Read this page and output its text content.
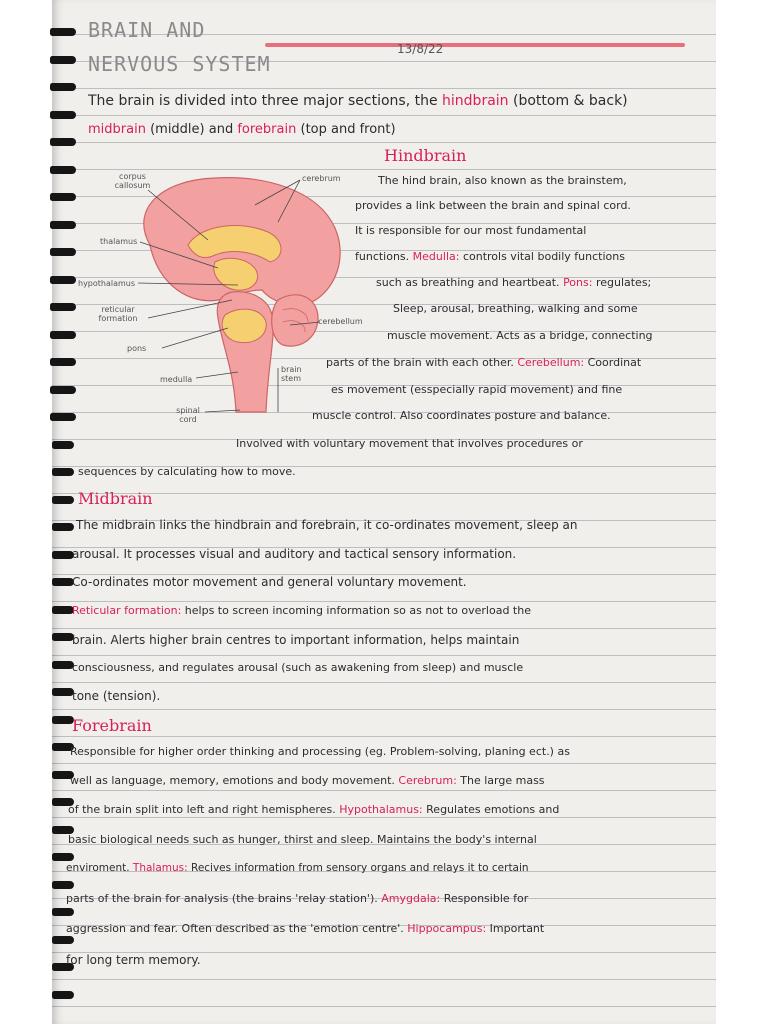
BRAIN AND
NERVOUS SYSTEM
13/8/22
The brain is divided into three major sections, the hindbrain (bottom & back)
midbrain (middle) and forebrain (top and front)
corpus callosum
thalamus
hypothalamus
reticular formation
pons
medulla
spinal cord
cerebrum
cerebellum
brain stem
Hindbrain
The hind brain, also known as the brainstem,
provides a link between the brain and spinal cord.
It is responsible for our most fundamental
functions. Medulla: controls vital bodily functions
such as breathing and heartbeat. Pons: regulates;
Sleep, arousal, breathing, walking and some
muscle movement. Acts as a bridge, connecting
parts of the brain with each other. Cerebellum: Coordinat
es movement (esspecially rapid movement) and fine
muscle control. Also coordinates posture and balance.
Involved with voluntary movement that involves procedures or
sequences by calculating how to move.
Midbrain
The midbrain links the hindbrain and forebrain, it co-ordinates movement, sleep an
arousal. It processes visual and auditory and tactical sensory information.
Co-ordinates motor movement and general voluntary movement.
Reticular formation: helps to screen incoming information so as not to overload the
brain. Alerts higher brain centres to important information, helps maintain
consciousness, and regulates arousal (such as awakening from sleep) and muscle
tone (tension).
Forebrain
Responsible for higher order thinking and processing (eg. Problem-solving, planing ect.) as
well as language, memory, emotions and body movement. Cerebrum: The large mass
of the brain split into left and right hemispheres. Hypothalamus: Regulates emotions and
basic biological needs such as hunger, thirst and sleep. Maintains the body's internal
enviroment. Thalamus: Recives information from sensory organs and relays it to certain
parts of the brain for analysis (the brains 'relay station'). Amygdala: Responsible for
aggression and fear. Often described as the 'emotion centre'. Hippocampus: Important
for long term memory.
